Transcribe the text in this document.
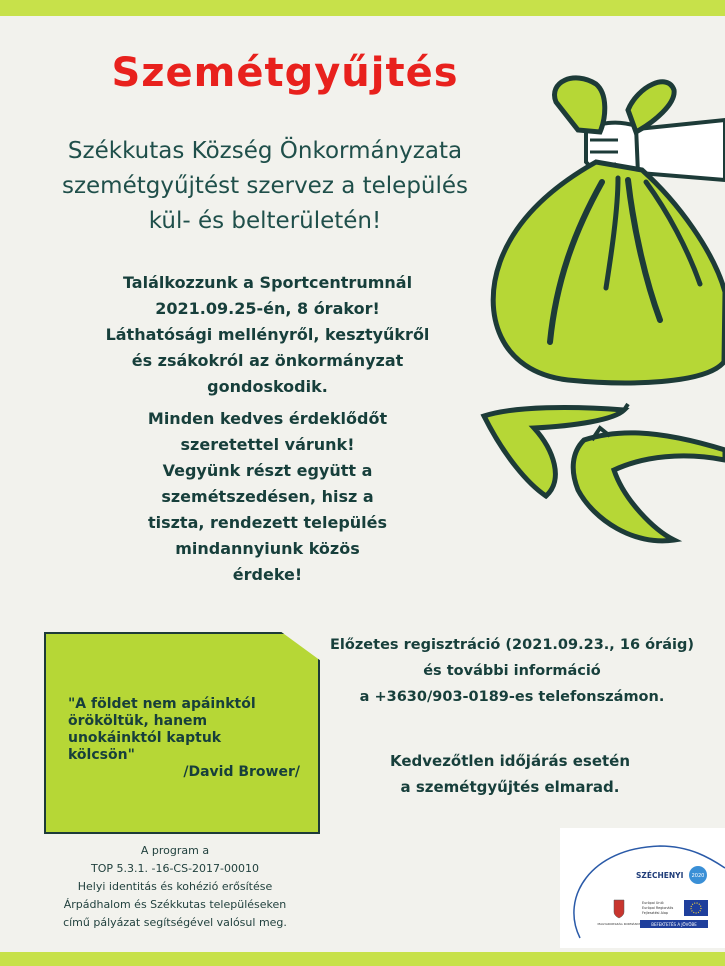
Szemétgyűjtés
Székkutas Község Önkormányzata
szemétgyűjtést szervez a település
kül- és belterületén!
Találkozzunk a Sportcentrumnál
2021.09.25-én, 8 órakor!
Láthatósági mellényről, kesztyűkről
és zsákokról az önkormányzat
gondoskodik.
Minden kedves érdeklődőt
szeretettel várunk!
Vegyünk részt együtt a
szemétszedésen, hisz a
tiszta, rendezett település
mindannyiunk közös
érdeke!
"A földet nem apáinktól
örököltük, hanem
unokáinktól kaptuk
kölcsön"
/David Brower/
Előzetes regisztráció (2021.09.23., 16 óráig)
és további információ
a +3630/903-0189-es telefonszámon.
Kedvezőtlen időjárás esetén
a szemétgyűjtés elmarad.
A program a
TOP 5.3.1. -16-CS-2017-00010
Helyi identitás és kohézió erősítése
Árpádhalom és Székkutas településeken
című pályázat segítségével valósul meg.
SZÉCHENYI 2020
MAGYARORSZÁG KORMÁNYA
Európai Unió
Európai Regionális
Fejlesztési Alap
BEFEKTETÉS A JÖVŐBE
